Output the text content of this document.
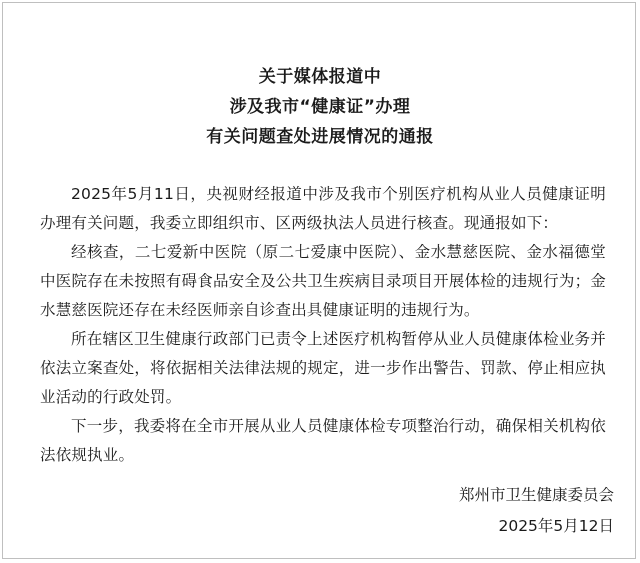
关于媒体报道中
涉及我市“健康证”办理
有关问题查处进展情况的通报

2025年5月11日，央视财经报道中涉及我市个别医疗机构从业人员健康证明办理有关问题，我委立即组织市、区两级执法人员进行核查。现通报如下：

经核查，二七爱新中医院（原二七爱康中医院）、金水慧慈医院、金水福德堂中医院存在未按照有碍食品安全及公共卫生疾病目录项目开展体检的违规行为；金水慧慈医院还存在未经医师亲自诊查出具健康证明的违规行为。

所在辖区卫生健康行政部门已责令上述医疗机构暂停从业人员健康体检业务并依法立案查处，将依据相关法律法规的规定，进一步作出警告、罚款、停止相应执业活动的行政处罚。

下一步，我委将在全市开展从业人员健康体检专项整治行动，确保相关机构依法依规执业。

郑州市卫生健康委员会
2025年5月12日
